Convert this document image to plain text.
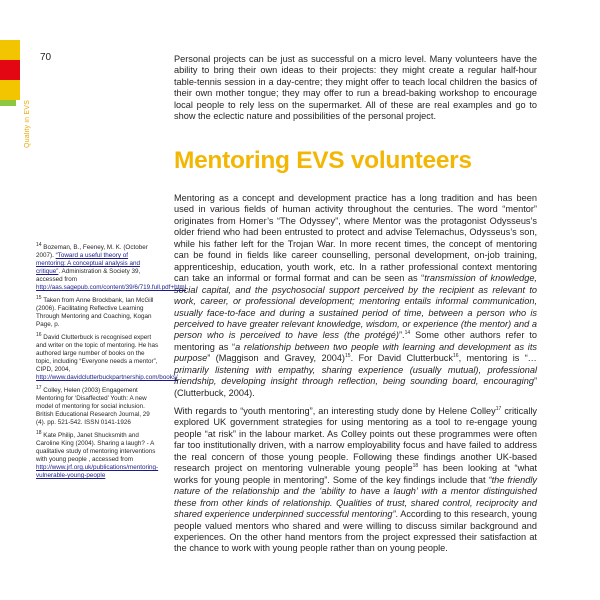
70
Quality in EVS

Personal projects can be just as successful on a micro level. Many volunteers have the ability to bring their own ideas to their projects: they might create a regular half-hour table-tennis session in a day-centre; they might offer to teach local children the basics of their own mother tongue; they may offer to run a bread-baking workshop to encourage local people to rely less on the supermarket. All of these are real examples and go to show the eclectic nature and possibilities of the personal project.

Mentoring EVS volunteers

Mentoring as a concept and development practice has a long tradition and has been used in various fields of human activity throughout the centuries. The word “mentor” originates from Homer’s “The Odyssey”, where Mentor was the protagonist Odysseus’s older friend who had been entrusted to protect and advise Telemachus, Odysseus’s son, while his father left for the Trojan War. In more recent times, the concept of mentoring can be found in fields like career counselling, personal development, on-job training, apprenticeship, education, youth work, etc. In a rather professional context mentoring can take an informal or formal format and can be seen as “transmission of knowledge, social capital, and the psychosocial support perceived by the recipient as relevant to work, career, or professional development; mentoring entails informal communication, usually face-to-face and during a sustained period of time, between a person who is perceived to have greater relevant knowledge, wisdom, or experience (the mentor) and a person who is perceived to have less (the protégé)”.$^{14}$ Some other authors refer to mentoring as “a relationship between two people with learning and development as its purpose” (Maggison and Gravey, 2004)$^{15}$. For David Clutterbuck$^{16}$, mentoring is “…primarily listening with empathy, sharing experience (usually mutual), professional friendship, developing insight through reflection, being sounding board, encouraging” (Clutterbuck, 2004).

With regards to “youth mentoring”, an interesting study done by Helene Colley$^{17}$ critically explored UK government strategies for using mentoring as a tool to re-engage young people “at risk” in the labour market. As Colley points out these programmes were often far too institutionally driven, with a narrow employability focus and have failed to address the real concern of those young people. Following these findings another UK-based research project on mentoring vulnerable young people$^{18}$ has been looking at “what works for young people in mentoring”. Some of the key findings include that “the friendly nature of the relationship and the ‘ability to have a laugh’ with a mentor distinguished these from other kinds of relationship. Qualities of trust, shared control, reciprocity and shared experience underpinned successful mentoring”. According to this research, young people valued mentors who shared and were willing to discuss similar background and experiences. On the other hand mentors from the project expressed their satisfaction at the chance to work with young people rather than on young people.

$^{14}$ Bozeman, B., Feeney, M. K. (October 2007). “Toward a useful theory of mentoring: A conceptual analysis and critique”. Administration & Society 39, accessed from http://aas.sagepub.com/content/39/6/719.full.pdf+html

$^{15}$ Taken from Anne Brockbank, Ian McGill (2006). Facilitating Reflective Learning Through Mentoring and Coaching, Kogan Page, p.

$^{16}$ David Clutterbuck is recognised expert and writer on the topic of mentoring. He has authored large number of books on the topic, including “Everyone needs a mentor”, CIPD, 2004, http://www.davidclutterbuckpartnership.com/books/

$^{17}$ Colley, Helen (2003) Engagement Mentoring for ‘Disaffected’ Youth: A new model of mentoring for social inclusion. British Educational Research Journal, 29 (4). pp. 521-542. ISSN 0141-1926

$^{18}$ Kate Philip, Janet Shucksmith and Caroline King (2004). Sharing a laugh? - A qualitative study of mentoring interventions with young people , accessed from http://www.jrf.org.uk/publications/mentoring-vulnerable-young-people
